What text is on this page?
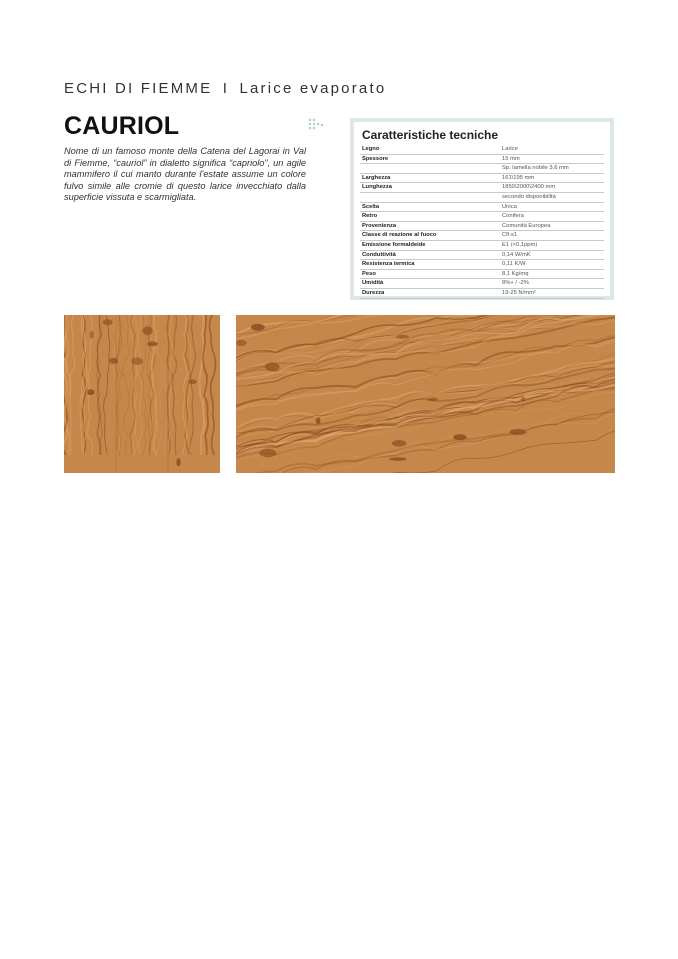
ECHI DI FIEMME I Larice evaporato
CAURIOL
Nome di un famoso monte della Catena del Lagorai in Val di Fiemme, “cauriol” in dialetto significa “capriolo”, un agile mammifero il cui manto durante l'estate assume un colore fulvo simile alle cromie di questo larice invecchiato dalla superficie vissuta e scarmigliata.
Caratteristiche tecniche
Legno	Larice
Spessore	15 mm
Sp. lamella nobile 3,6 mm
Larghezza	161\195 mm
Lunghezza	1850\2000\2400 mm
secondo disponibilità
Scelta	Unica
Retro	Conifera
Provenienza	Comunità Europea
Classe di reazione al fuoco	Cfl-s1
Emissione formaldeide	E1 (<0,1ppm)
Conduttività	0,14 W/mK
Resistenza termica	0,11 K/W
Peso	8,1 Kg/mq
Umidità	8%+ / -2%
Durezza	19-25 N/mm²
